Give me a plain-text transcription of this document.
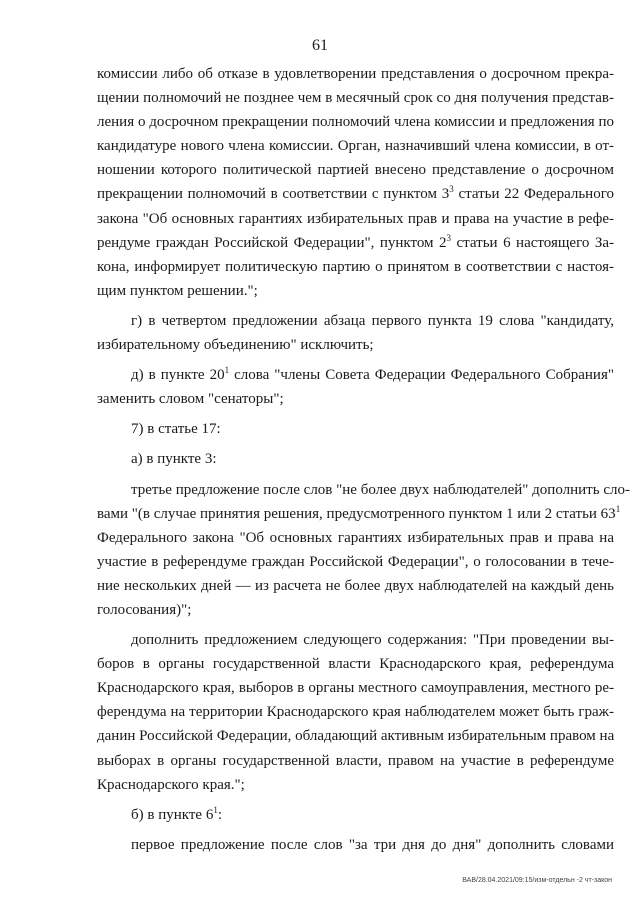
61
комиссии либо об отказе в удовлетворении представления о досрочном прекра-
щении полномочий не позднее чем в месячный срок со дня получения представ-
ления о досрочном прекращении полномочий члена комиссии и предложения по
кандидатуре нового члена комиссии. Орган, назначивший члена комиссии, в от-
ношении которого политической партией внесено представление о досрочном
прекращении полномочий в соответствии с пунктом $3^3$ статьи 22 Федерального
закона "Об основных гарантиях избирательных прав и права на участие в рефе-
рендуме граждан Российской Федерации", пунктом $2^3$ статьи 6 настоящего За-
кона, информирует политическую партию о принятом в соответствии с настоя-
щим пунктом решении.";
г) в четвертом предложении абзаца первого пункта 19 слова "кандидату,
избирательному объединению" исключить;
д) в пункте $20^1$ слова "члены Совета Федерации Федерального Собрания"
заменить словом "сенаторы";
7) в статье 17:
а) в пункте 3:
третье предложение после слов "не более двух наблюдателей" дополнить сло-
вами "(в случае принятия решения, предусмотренного пунктом 1 или 2 статьи $63^1$
Федерального закона "Об основных гарантиях избирательных прав и права на
участие в референдуме граждан Российской Федерации", о голосовании в тече-
ние нескольких дней — из расчета не более двух наблюдателей на каждый день
голосования)";
дополнить предложением следующего содержания: "При проведении вы-
боров в органы государственной власти Краснодарского края, референдума
Краснодарского края, выборов в органы местного самоуправления, местного ре-
ферендума на территории Краснодарского края наблюдателем может быть граж-
данин Российской Федерации, обладающий активным избирательным правом на
выборах в органы государственной власти, правом на участие в референдуме
Краснодарского края.";
б) в пункте $6^1$:
первое предложение после слов "за три дня до дня" дополнить словами
ВАВ/28.04.2021/09:15/изм-отдельн -2 чт-закон
